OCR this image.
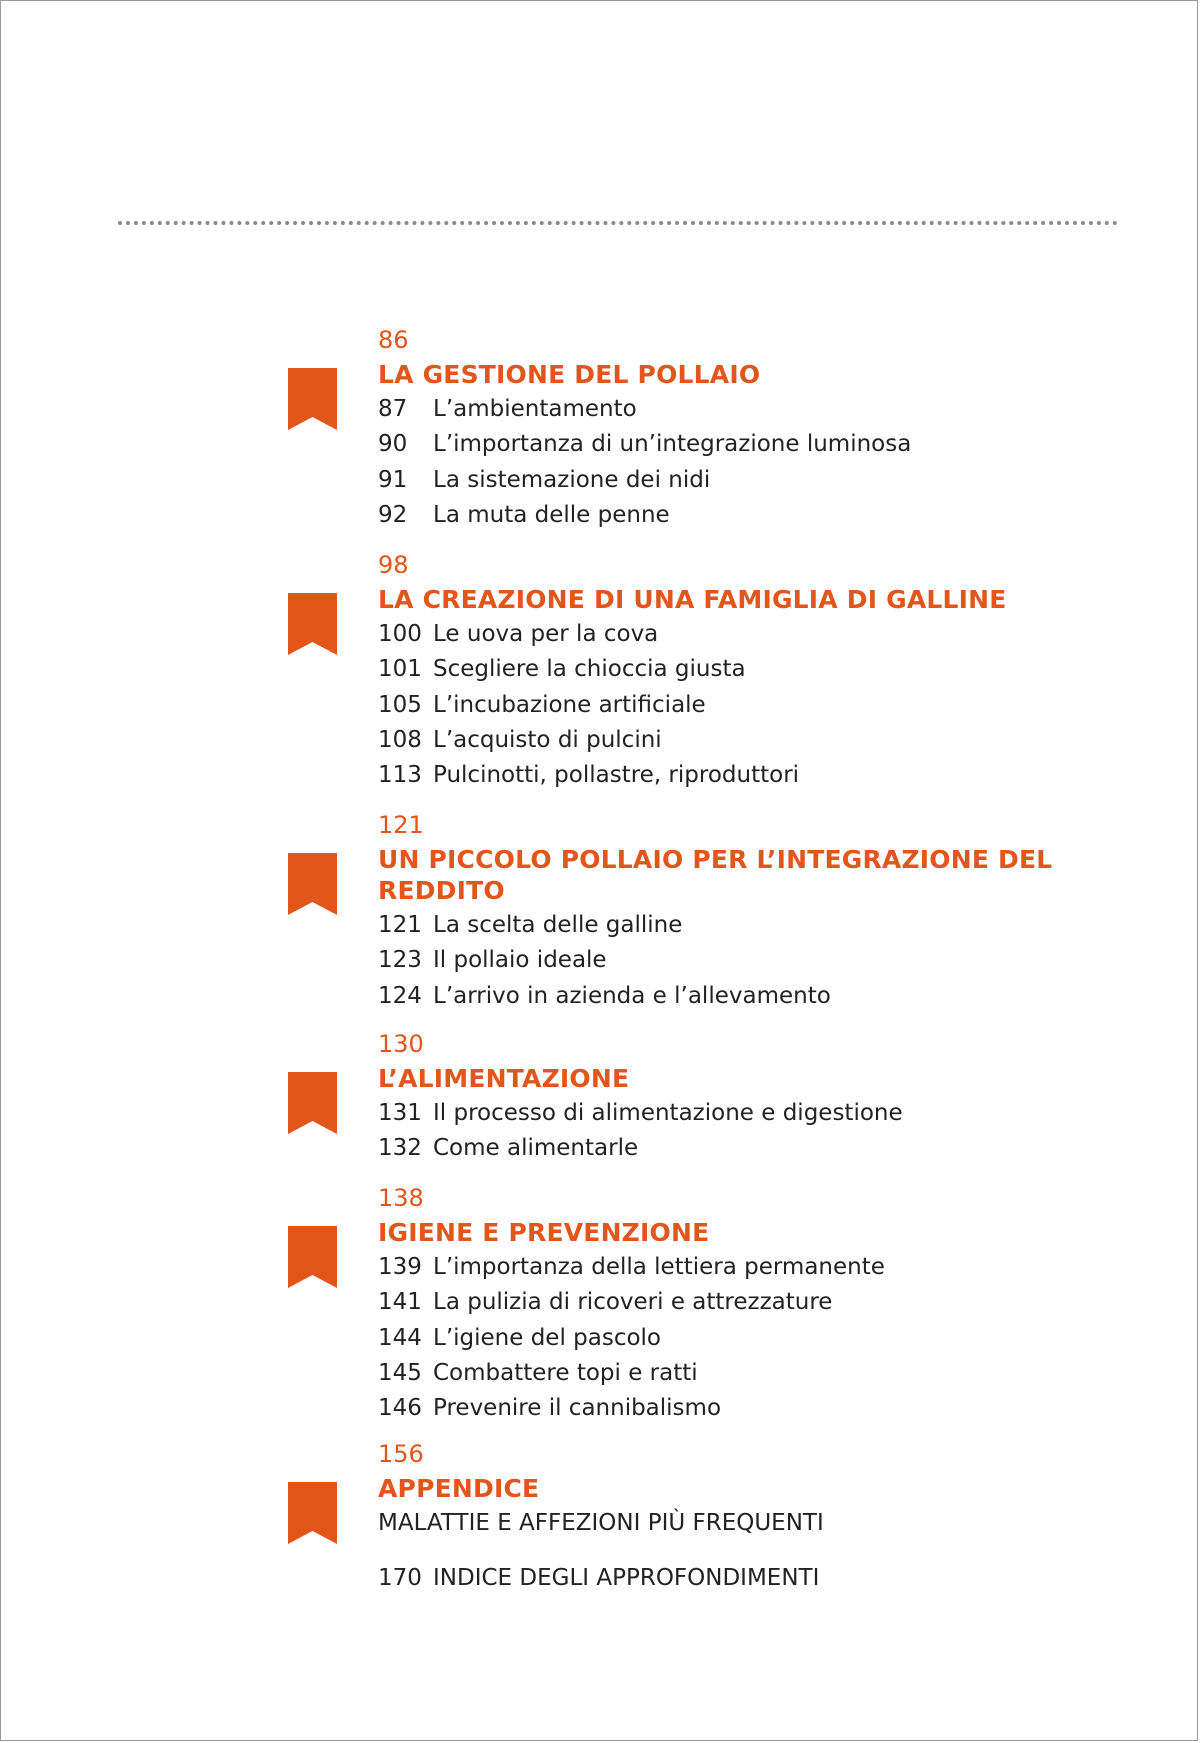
86
LA GESTIONE DEL POLLAIO
87 L’ambientamento
90 L’importanza di un’integrazione luminosa
91 La sistemazione dei nidi
92 La muta delle penne
98
LA CREAZIONE DI UNA FAMIGLIA DI GALLINE
100 Le uova per la cova
101 Scegliere la chioccia giusta
105 L’incubazione artificiale
108 L’acquisto di pulcini
113 Pulcinotti, pollastre, riproduttori
121
UN PICCOLO POLLAIO PER L’INTEGRAZIONE DEL REDDITO
121 La scelta delle galline
123 Il pollaio ideale
124 L’arrivo in azienda e l’allevamento
130
L’ALIMENTAZIONE
131 Il processo di alimentazione e digestione
132 Come alimentarle
138
IGIENE E PREVENZIONE
139 L’importanza della lettiera permanente
141 La pulizia di ricoveri e attrezzature
144 L’igiene del pascolo
145 Combattere topi e ratti
146 Prevenire il cannibalismo
156
APPENDICE
MALATTIE E AFFEZIONI PIÙ FREQUENTI
170 INDICE DEGLI APPROFONDIMENTI
